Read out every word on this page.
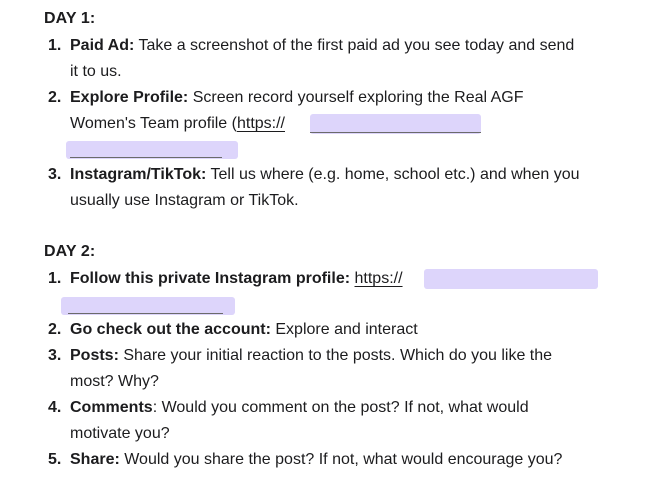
DAY 1:
1. Paid Ad: Take a screenshot of the first paid ad you see today and send
it to us.
2. Explore Profile: Screen record yourself exploring the Real AGF
Women's Team profile (https://
3. Instagram/TikTok: Tell us where (e.g. home, school etc.) and when you
usually use Instagram or TikTok.
DAY 2:
1. Follow this private Instagram profile: https://
2. Go check out the account: Explore and interact
3. Posts: Share your initial reaction to the posts. Which do you like the
most? Why?
4. Comments: Would you comment on the post? If not, what would
motivate you?
5. Share: Would you share the post? If not, what would encourage you?
